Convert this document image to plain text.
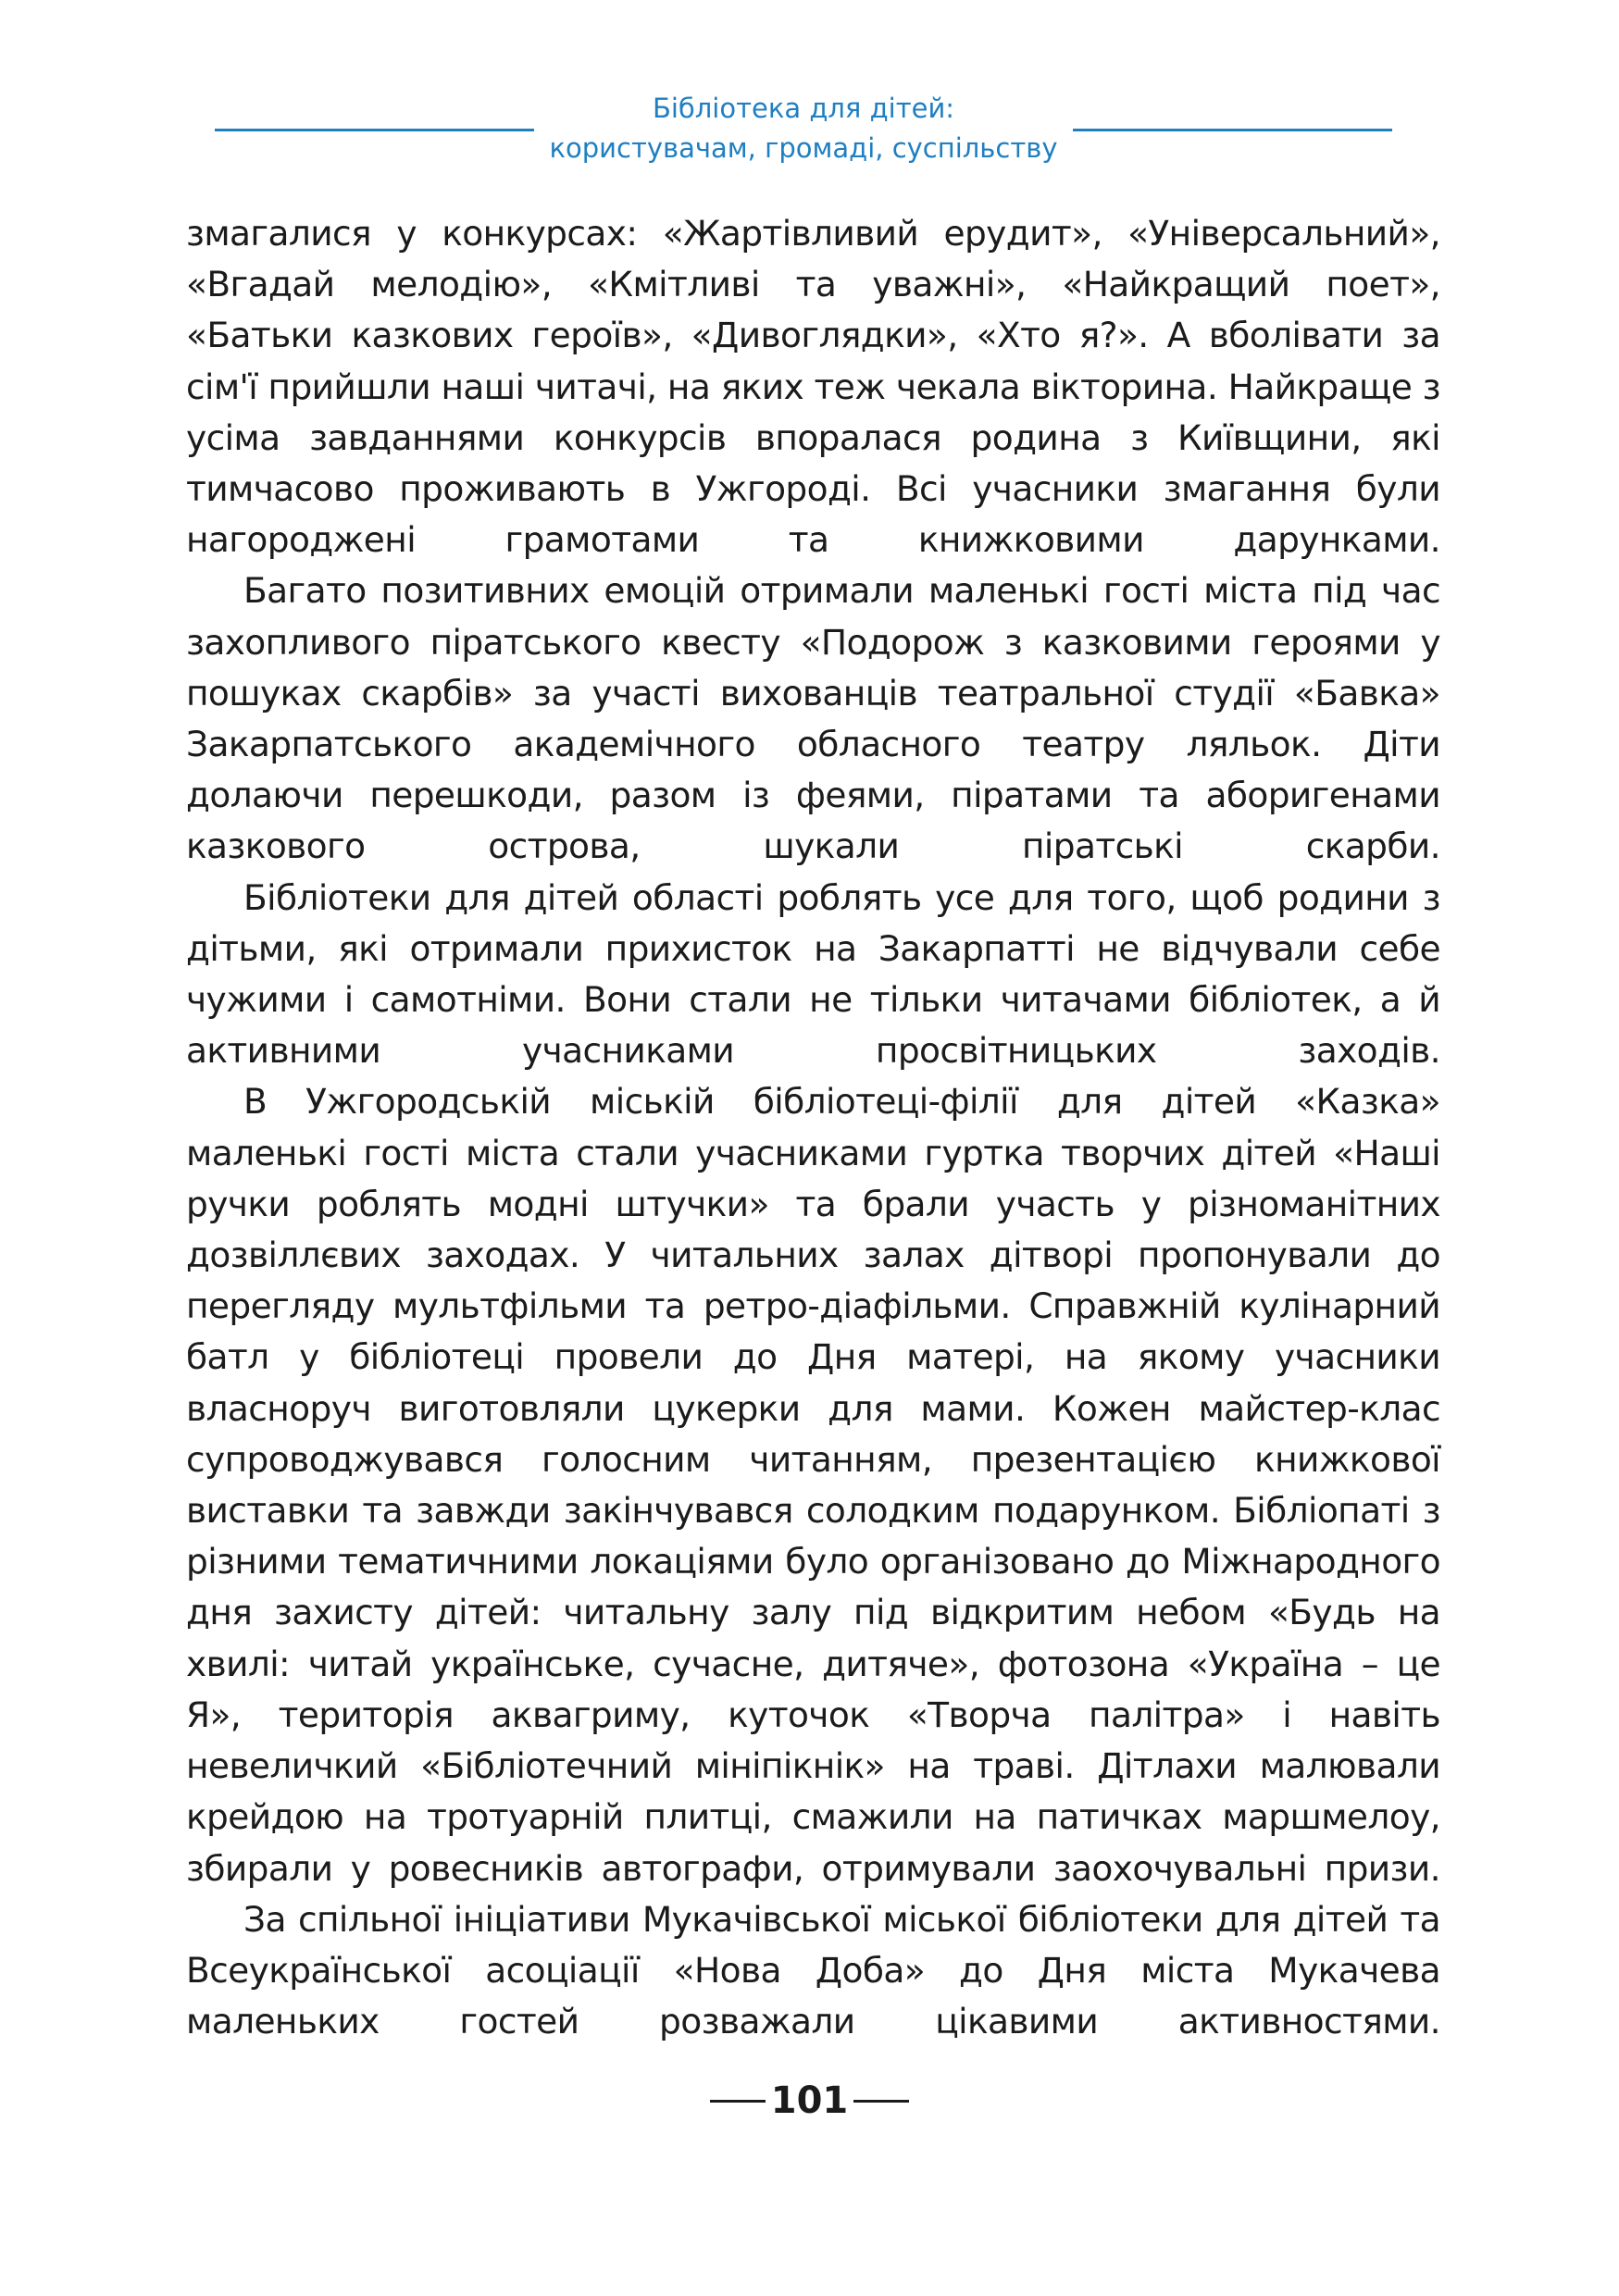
Бібліотека для дітей:
користувачам, громаді, суспільству

змагалися у конкурсах: «Жартівливий ерудит», «Універсальний», «Вгадай мелодію», «Кмітливі та уважні», «Найкращий поет», «Батьки казкових героїв», «Дивоглядки», «Хто я?». А вболівати за сім'ї прийшли наші читачі, на яких теж чекала вікторина. Найкраще з усіма завданнями конкурсів впоралася родина з Київщини, які тимчасово проживають в Ужгороді. Всі учасники змагання були нагороджені грамотами та книжковими дарунками.

Багато позитивних емоцій отримали маленькі гості міста під час захопливого піратського квесту «Подорож з казковими героями у пошуках скарбів» за участі вихованців театральної студії «Бавка» Закарпатського академічного обласного театру ляльок. Діти долаючи перешкоди, разом із феями, піратами та аборигенами казкового острова, шукали піратські скарби.

Бібліотеки для дітей області роблять усе для того, щоб родини з дітьми, які отримали прихисток на Закарпатті не відчували себе чужими і самотніми. Вони стали не тільки читачами бібліотек, а й активними учасниками просвітницьких заходів.

В Ужгородській міській бібліотеці-філії для дітей «Казка» маленькі гості міста стали учасниками гуртка творчих дітей «Наші ручки роблять модні штучки» та брали участь у різноманітних дозвіллєвих заходах. У читальних залах дітворі пропонували до перегляду мультфільми та ретро-діафільми. Справжній кулінарний батл у бібліотеці провели до Дня матері, на якому учасники власноруч виготовляли цукерки для мами. Кожен майстер-клас супроводжувався голосним читанням, презентацією книжкової виставки та завжди закінчувався солодким подарунком. Бібліопаті з різними тематичними локаціями було організовано до Міжнародного дня захисту дітей: читальну залу під відкритим небом «Будь на хвилі: читай українське, сучасне, дитяче», фотозона «Україна – це Я», територія аквагриму, куточок «Творча палітра» і навіть невеличкий «Бібліотечний мініпікнік» на траві. Дітлахи малювали крейдою на тротуарній плитці, смажили на патичках маршмелоу, збирали у ровесників автографи, отримували заохочувальні призи.

За спільної ініціативи Мукачівської міської бібліотеки для дітей та Всеукраїнської асоціації «Нова Доба» до Дня міста Мукачева маленьких гостей розважали цікавими активностями.

101
